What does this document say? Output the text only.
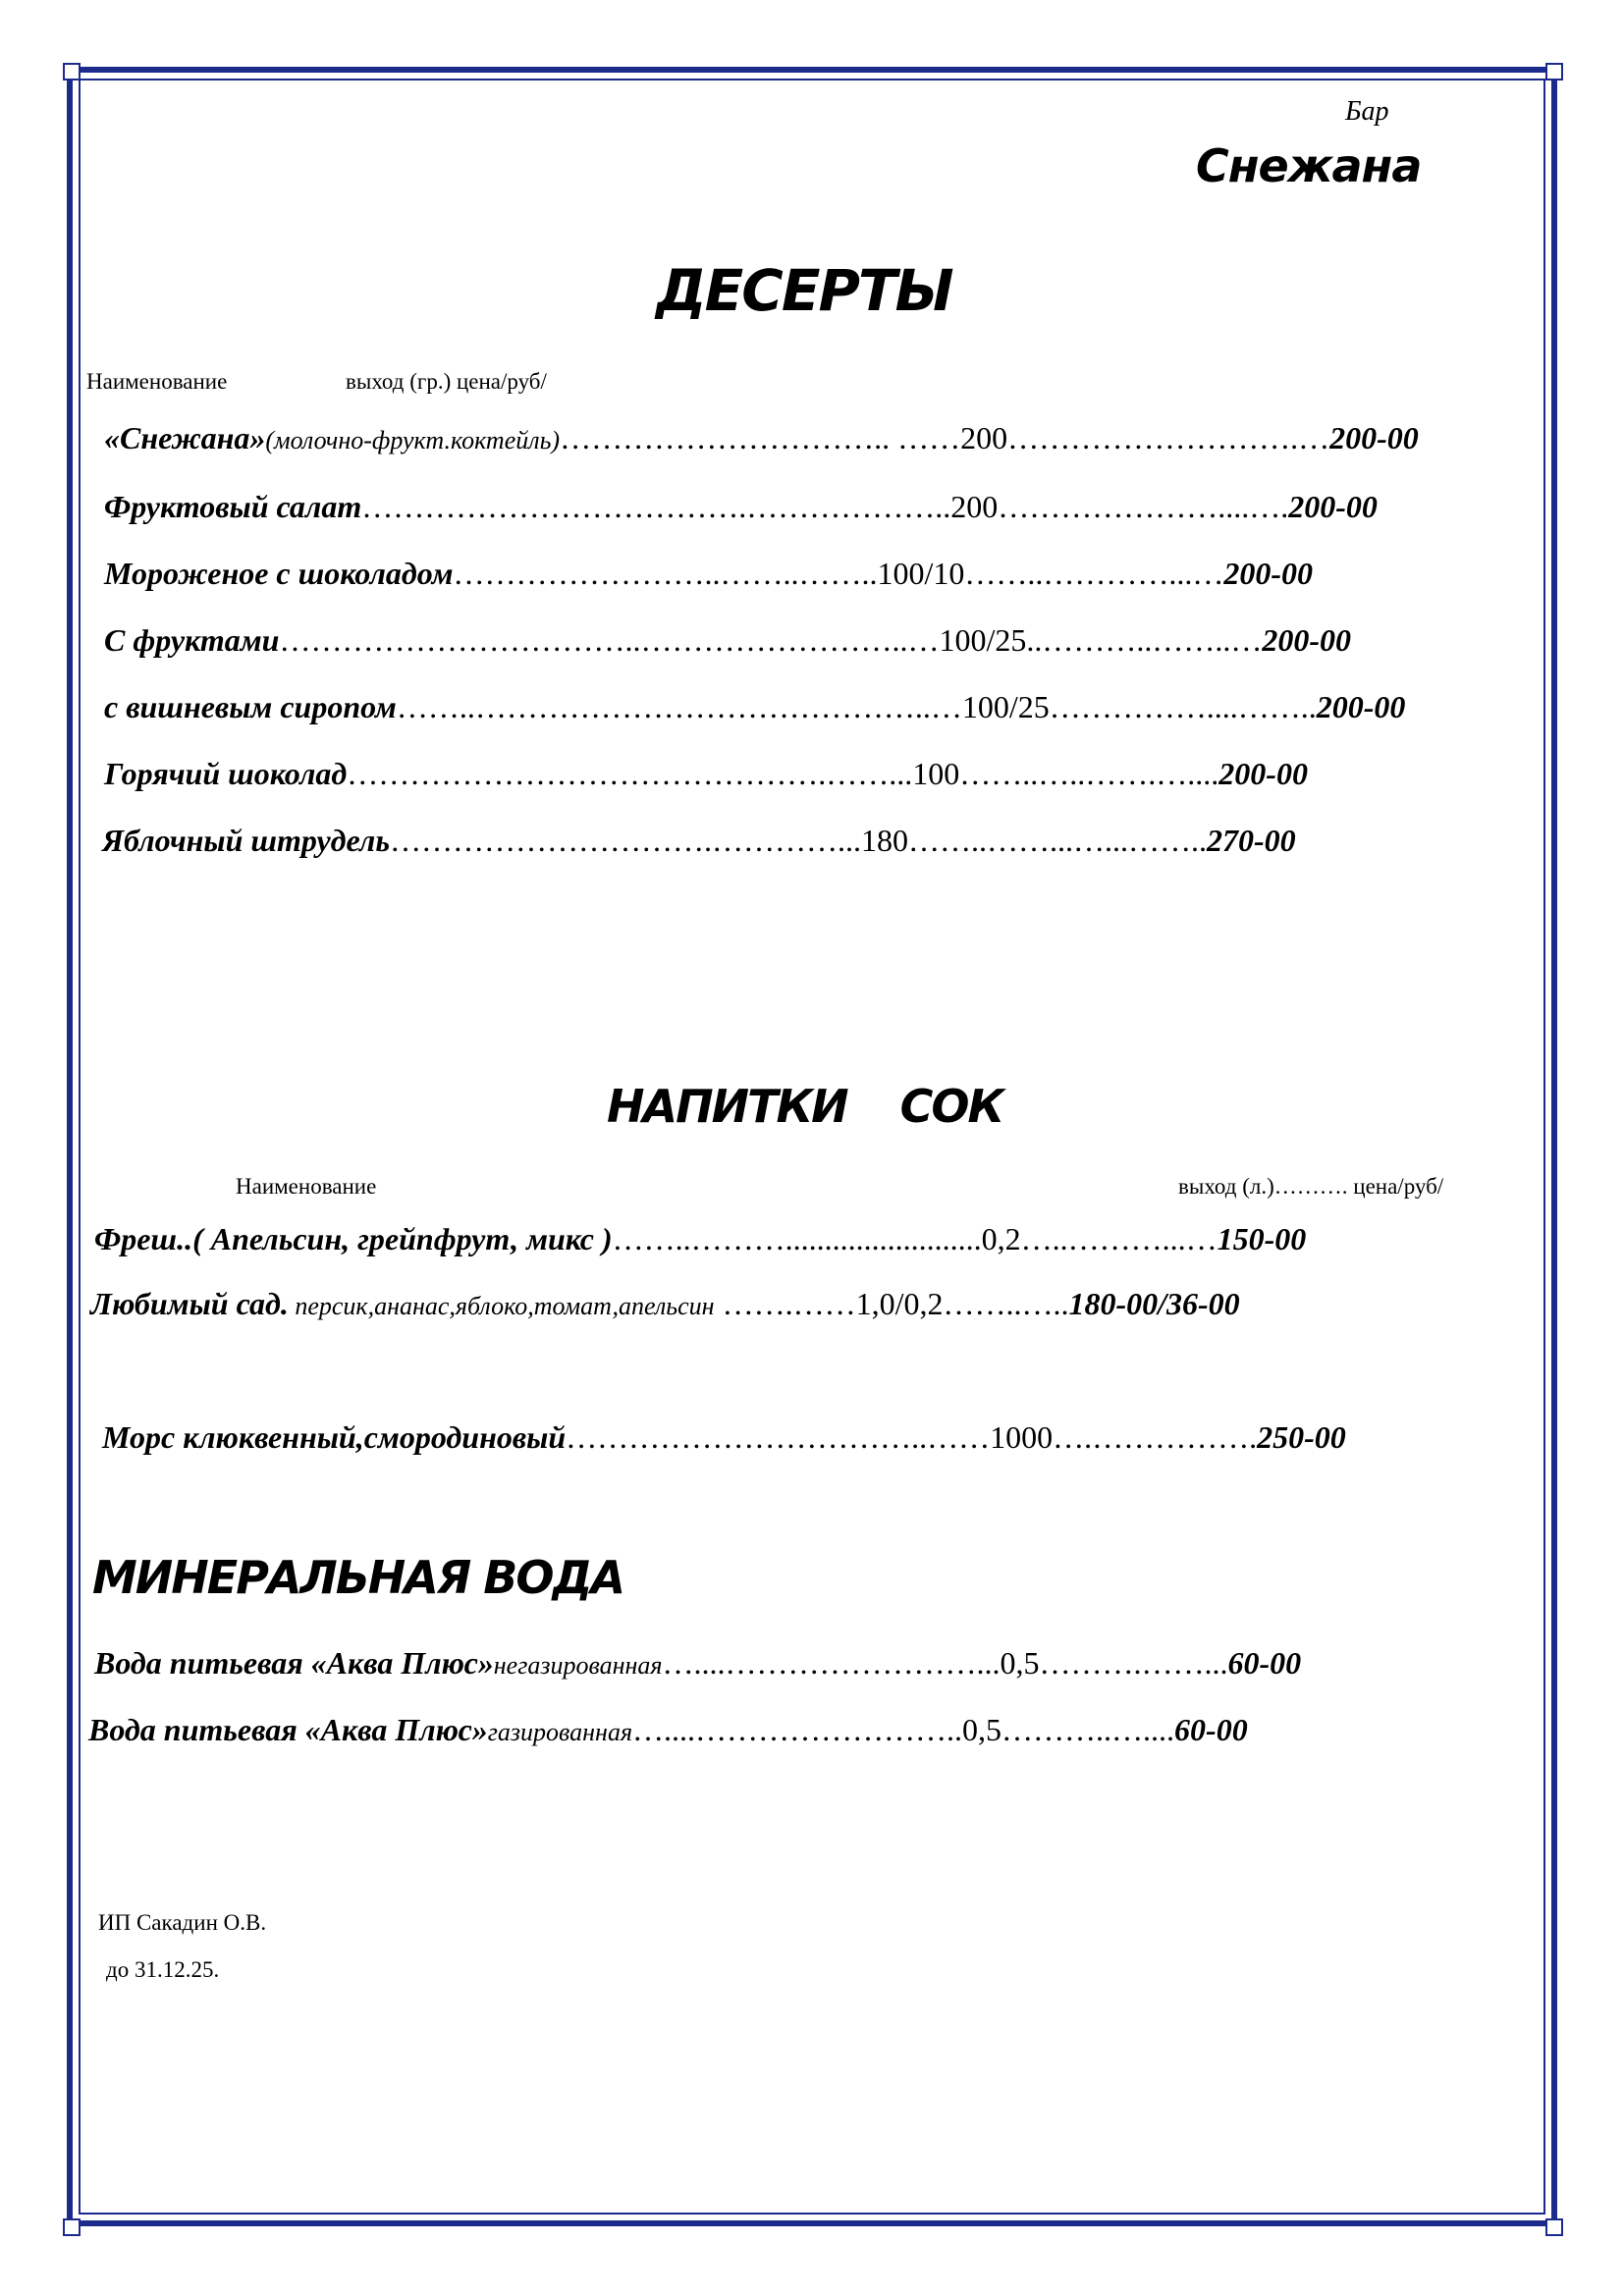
Бар
Снежана
ДЕСЕРТЫ
Наименование	выход (гр.) цена/руб/
«Снежана»(молочно-фрукт.коктейль)………………………….. ……200……………………….…200-00
Фруктовый салат……………………………….………………..200…………………....….200-00
Мороженое с шоколадом……………………..……..……..100/10……..…………...…200-00
С фруктами……………………………..……………………..…100/25..………..……..…200-00
с вишневым сиропом……..……………………………………..…100/25……………....……..200-00
Горячий шоколад……………………………………….……...100……..…..…….…....200-00
Яблочный штрудель………………………….…………...180……..……...…...……..270-00
НАПИТКИ СОК
Наименование	выход (л.)………. цена/руб/
Фреш..( Апельсин, грейпфрут, микс )……..……….........................0,2…..………...…150-00
Любимый сад. персик,ананас,яблоко,томат,апельсин …….……1,0/0,2……..…..180-00/36-00
Морс клюквенный,смородиновый……………………………..……1000….…………….250-00
МИНЕРАЛЬНАЯ ВОДА
Вода питьевая «Аква Плюс»негазированная…....……………………...0,5……….……...60-00
Вода питьевая «Аква Плюс»газированная…....……………………..0,5………..…....60-00
ИП Сакадин О.В.
до 31.12.25.
